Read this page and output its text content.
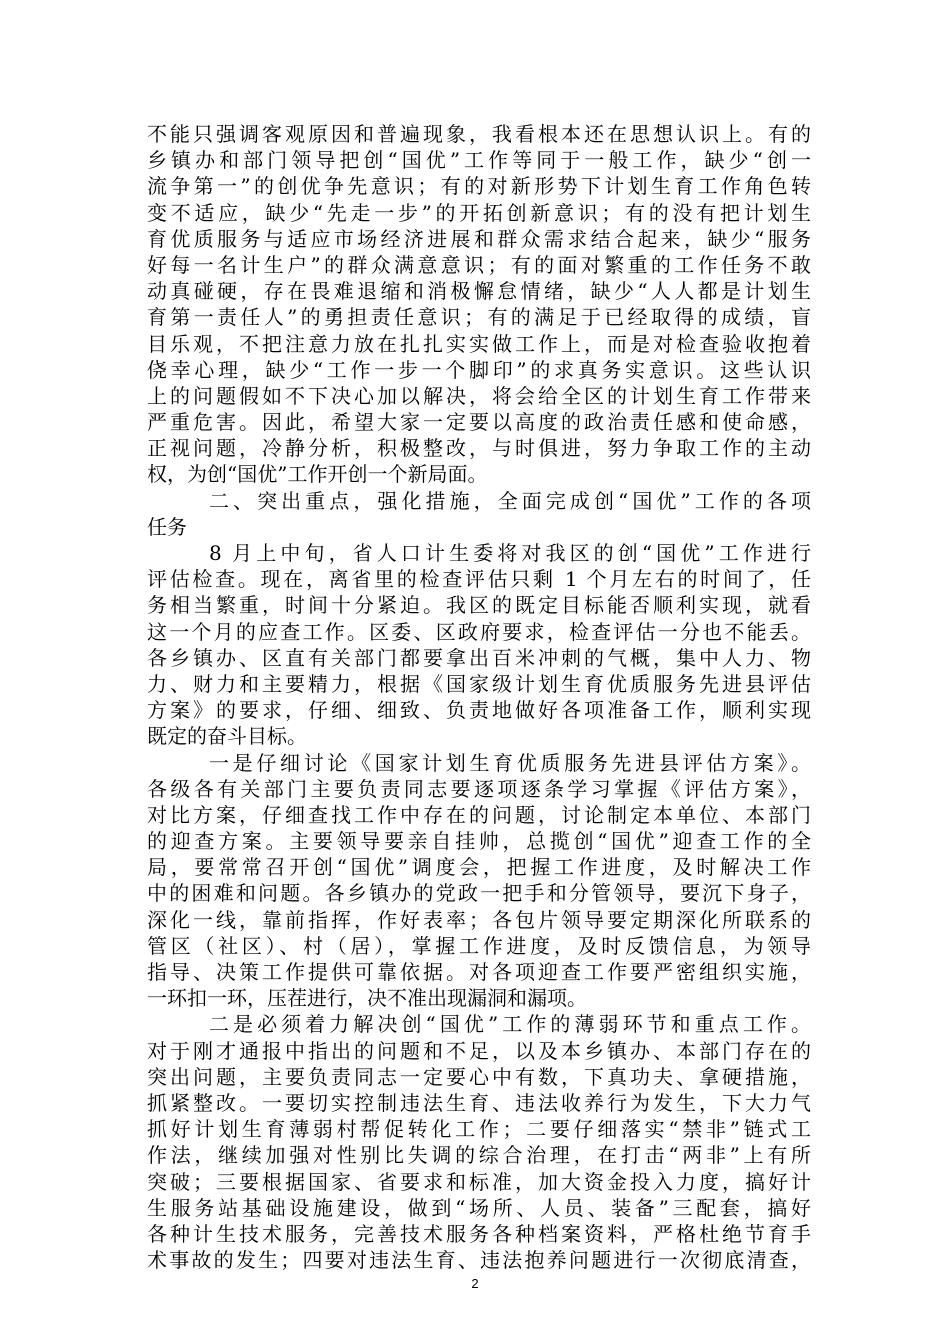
不能只强调客观原因和普遍现象，我看根本还在思想认识上。有的
乡镇办和部门领导把创“国优”工作等同于一般工作，缺少“创一
流争第一”的创优争先意识；有的对新形势下计划生育工作角色转
变不适应，缺少“先走一步”的开拓创新意识；有的没有把计划生
育优质服务与适应市场经济进展和群众需求结合起来，缺少“服务
好每一名计生户”的群众满意意识；有的面对繁重的工作任务不敢
动真碰硬，存在畏难退缩和消极懈怠情绪，缺少“人人都是计划生
育第一责任人”的勇担责任意识；有的满足于已经取得的成绩，盲
目乐观，不把注意力放在扎扎实实做工作上，而是对检查验收抱着
侥幸心理，缺少“工作一步一个脚印”的求真务实意识。这些认识
上的问题假如不下决心加以解决，将会给全区的计划生育工作带来
严重危害。因此，希望大家一定要以高度的政治责任感和使命感，
正视问题，冷静分析，积极整改，与时俱进，努力争取工作的主动
权，为创“国优”工作开创一个新局面。
二、突出重点，强化措施，全面完成创“国优”工作的各项
任务
8 月上中旬，省人口计生委将对我区的创“国优”工作进行
评估检查。现在，离省里的检查评估只剩 1 个月左右的时间了，任
务相当繁重，时间十分紧迫。我区的既定目标能否顺利实现，就看
这一个月的应查工作。区委、区政府要求，检查评估一分也不能丢。
各乡镇办、区直有关部门都要拿出百米冲刺的气概，集中人力、物
力、财力和主要精力，根据《国家级计划生育优质服务先进县评估
方案》的要求，仔细、细致、负责地做好各项准备工作，顺利实现
既定的奋斗目标。
一是仔细讨论《国家计划生育优质服务先进县评估方案》。
各级各有关部门主要负责同志要逐项逐条学习掌握《评估方案》，
对比方案，仔细查找工作中存在的问题，讨论制定本单位、本部门
的迎查方案。主要领导要亲自挂帅，总揽创“国优”迎查工作的全
局，要常常召开创“国优”调度会，把握工作进度，及时解决工作
中的困难和问题。各乡镇办的党政一把手和分管领导，要沉下身子，
深化一线，靠前指挥，作好表率；各包片领导要定期深化所联系的
管区（社区）、村（居），掌握工作进度，及时反馈信息，为领导
指导、决策工作提供可靠依据。对各项迎查工作要严密组织实施，
一环扣一环，压茬进行，决不准出现漏洞和漏项。
二是必须着力解决创“国优”工作的薄弱环节和重点工作。
对于刚才通报中指出的问题和不足，以及本乡镇办、本部门存在的
突出问题，主要负责同志一定要心中有数，下真功夫、拿硬措施，
抓紧整改。一要切实控制违法生育、违法收养行为发生，下大力气
抓好计划生育薄弱村帮促转化工作；二要仔细落实“禁非”链式工
作法，继续加强对性别比失调的综合治理，在打击“两非”上有所
突破；三要根据国家、省要求和标准，加大资金投入力度，搞好计
生服务站基础设施建设，做到“场所、人员、装备”三配套，搞好
各种计生技术服务，完善技术服务各种档案资料，严格杜绝节育手
术事故的发生；四要对违法生育、违法抱养问题进行一次彻底清查，
2
